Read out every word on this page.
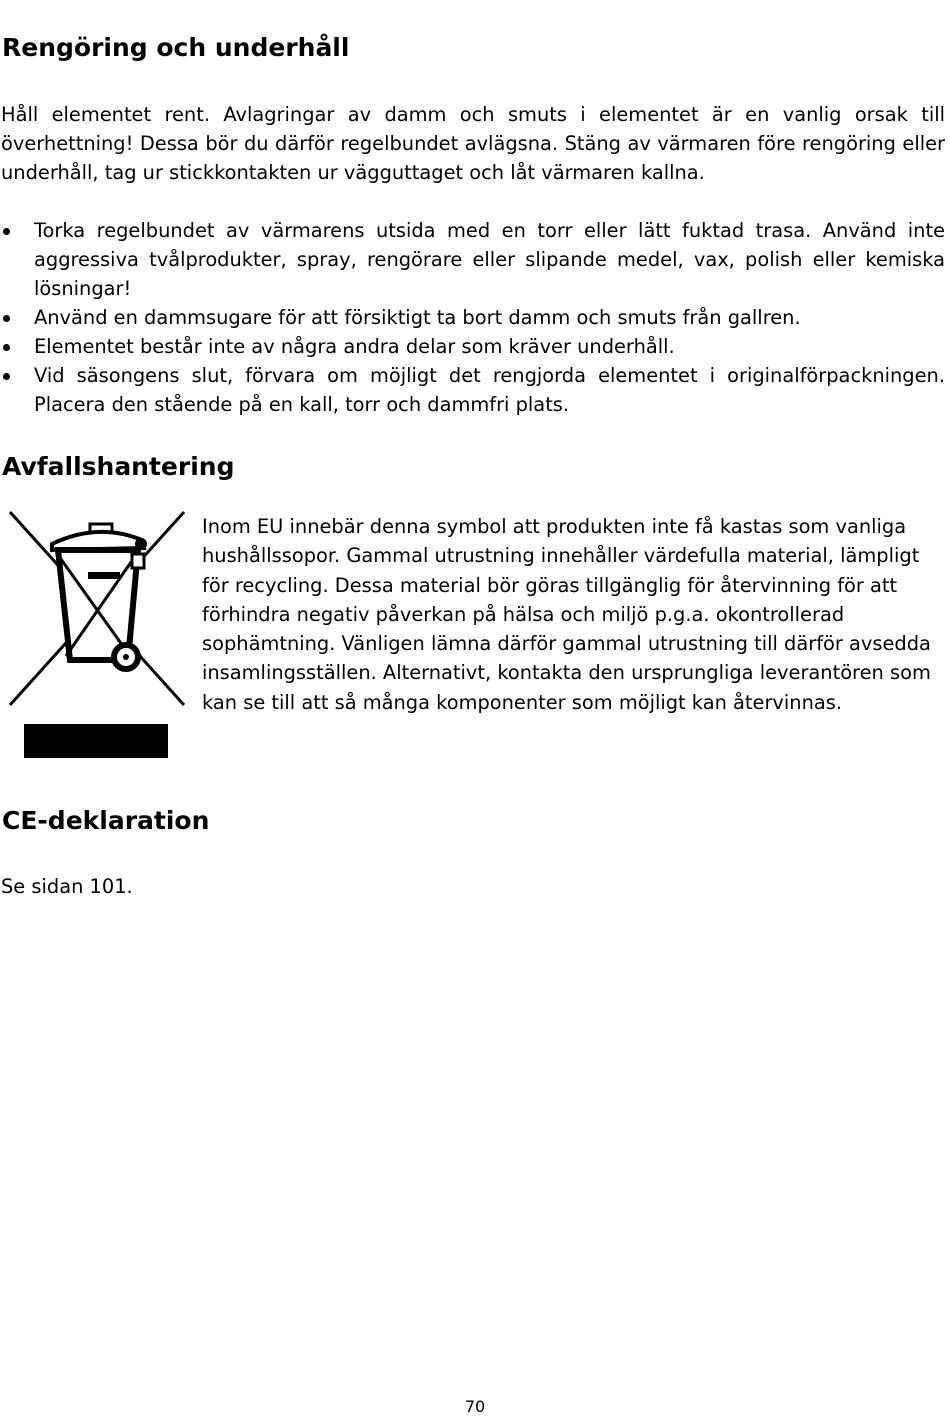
Rengöring och underhåll

Håll elementet rent. Avlagringar av damm och smuts i elementet är en vanlig orsak till överhettning! Dessa bör du därför regelbundet avlägsna. Stäng av värmaren före rengöring eller underhåll, tag ur stickkontakten ur vägguttaget och låt värmaren kallna.

Torka regelbundet av värmarens utsida med en torr eller lätt fuktad trasa. Använd inte aggressiva tvålprodukter, spray, rengörare eller slipande medel, vax, polish eller kemiska lösningar!
Använd en dammsugare för att försiktigt ta bort damm och smuts från gallren.
Elementet består inte av några andra delar som kräver underhåll.
Vid säsongens slut, förvara om möjligt det rengjorda elementet i originalförpackningen. Placera den stående på en kall, torr och dammfri plats.
Avfallshantering

Inom EU innebär denna symbol att produkten inte få kastas som vanliga hushållssopor. Gammal utrustning innehåller värdefulla material, lämpligt för recycling. Dessa material bör göras tillgänglig för återvinning för att förhindra negativ påverkan på hälsa och miljö p.g.a. okontrollerad sophämtning. Vänligen lämna därför gammal utrustning till därför avsedda insamlingsställen. Alternativt, kontakta den ursprungliga leverantören som kan se till att så många komponenter som möjligt kan återvinnas.

CE-deklaration

Se sidan 101.

70
